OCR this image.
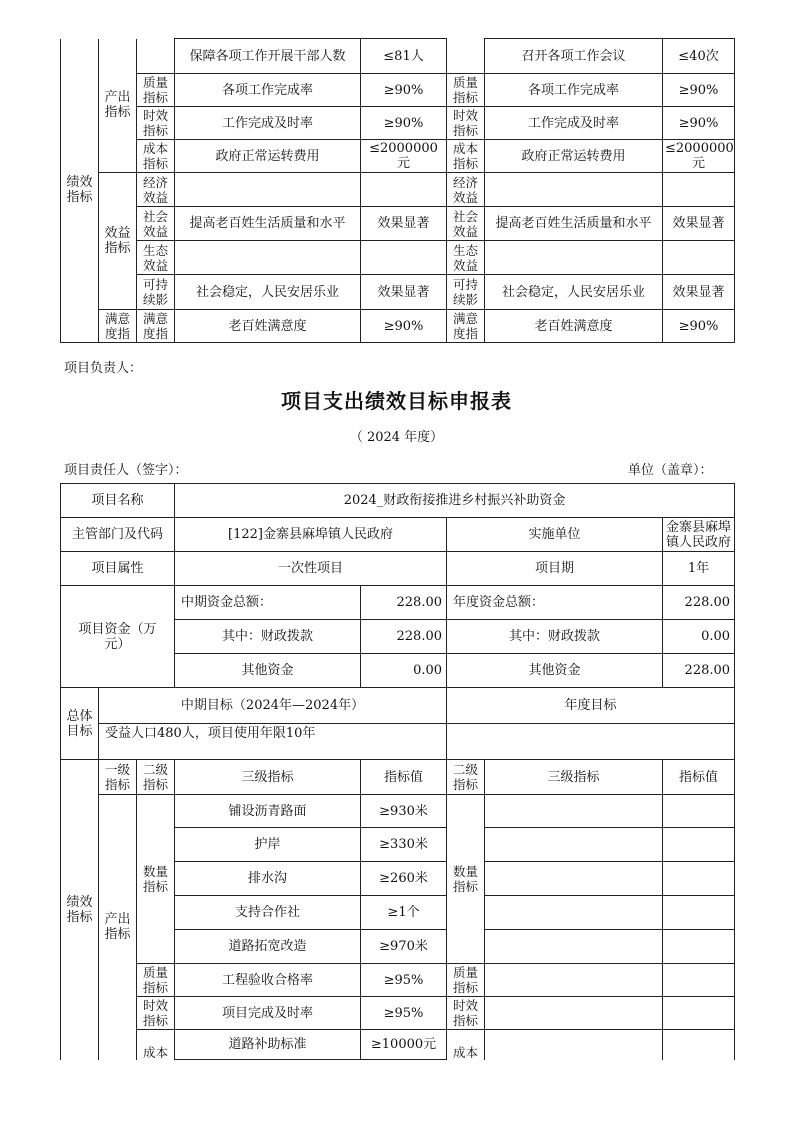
绩效指标	产出指标		保障各项工作开展干部人数	≤81人		召开各项工作会议	≤40次
		质量指标	各项工作完成率	≥90%	质量指标	各项工作完成率	≥90%
		时效指标	工作完成及时率	≥90%	时效指标	工作完成及时率	≥90%
		成本指标	政府正常运转费用	≤2000000元	成本指标	政府正常运转费用	≤2000000元
	效益指标	经济效益			经济效益		
		社会效益	提高老百姓生活质量和水平	效果显著	社会效益	提高老百姓生活质量和水平	效果显著
		生态效益			生态效益		
		可持续影	社会稳定，人民安居乐业	效果显著	可持续影	社会稳定，人民安居乐业	效果显著
	满意度指	满意度指	老百姓满意度	≥90%	满意度指	老百姓满意度	≥90%
项目负责人：
项目支出绩效目标申报表
（ 2024 年度）
项目责任人（签字）：	单位（盖章）：
项目名称			2024_财政衔接推进乡村振兴补助资金				
主管部门及代码			[122]金寨县麻埠镇人民政府		实施单位		金寨县麻埠镇人民政府
项目属性			一次性项目		项目期		1年
项目资金（万元）			中期资金总额：	228.00	年度资金总额：		228.00
			其中：财政拨款	228.00	其中：财政拨款		0.00
			其他资金	0.00	其他资金		228.00
总体目标	中期目标（2024年—2024年）				年度目标		
	受益人口480人，项目使用年限10年						
绩效指标	一级指标	二级指标	三级指标	指标值	二级指标	三级指标	指标值
	产出指标	数量指标	铺设沥青路面	≥930米	数量指标		
			护岸	≥330米			
			排水沟	≥260米			
			支持合作社	≥1个			
			道路拓宽改造	≥970米			
		质量指标	工程验收合格率	≥95%	质量指标		
		时效指标	项目完成及时率	≥95%	时效指标		
		成本	道路补助标准	≥10000元	成本		
